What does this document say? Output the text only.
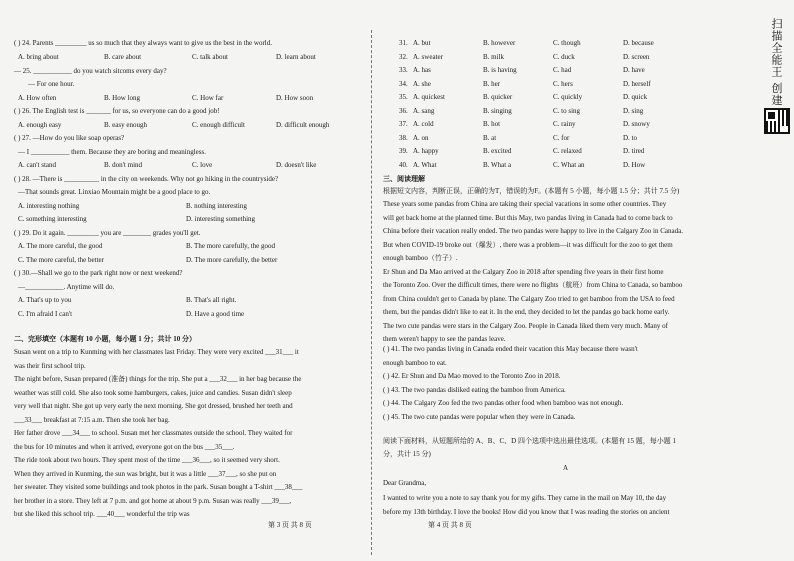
( ) 24. Parents _________ us so much that they always want to give us the best in the world.
A. bring about	B. care about	C. talk about	D. learn about
— 25. ___________ do you watch sitcoms every day?
— For one hour.
A. How often	B. How long	C. How far	D. How soon
( ) 26. The English test is _______ for us, so everyone can do a good job!
A. enough easy	B. easy enough	C. enough difficult	D. difficult enough
( ) 27. —How do you like soap operas?
— I ___________ them. Because they are boring and meaningless.
A. can't stand	B. don't mind	C. love	D. doesn't like
( ) 28. —There is __________ in the city on weekends. Why not go hiking in the countryside?
—That sounds great. Linxiao Mountain might be a good place to go.
A. interesting nothing	B. nothing interesting
C. something interesting	D. interesting something
( ) 29. Do it again. _________ you are ________ grades you'll get.
A. The more careful, the good	B. The more carefully, the good
C. The more careful, the better	D. The more carefully, the better
( ) 30.—Shall we go to the park right now or next weekend?
—___________. Anytime will do.
A. That's up to you	B. That's all right.
C. I'm afraid I can't	D. Have a good time
二、完形填空（本题有 10 小题，每小题 1 分；共计 10 分）
Susan went on a trip to Kunming with her classmates last Friday. They were very excited ___31___ it
was their first school trip.
The night before, Susan prepared (准备) things for the trip. She put a ___32___ in her bag because the
weather was still cold. She also took some hamburgers, cakes, juice and candies. Susan didn't sleep
very well that night. She got up very early the next morning. She got dressed, brushed her teeth and
___33___ breakfast at 7:15 a.m. Then she took her bag.
Her father drove ___34___ to school. Susan met her classmates outside the school. They waited for
the bus for 10 minutes and when it arrived, everyone got on the bus ___35___.
The ride took about two hours. They spent most of the time ___36___, so it seemed very short.
When they arrived in Kunming, the sun was bright, but it was a little ___37___, so she put on
her sweater. They visited some buildings and took photos in the park. Susan bought a T-shirt ___38___
her brother in a store. They left at 7 p.m. and got home at about 9 p.m. Susan was really ___39___,
but she liked this school trip. ___40___ wonderful the trip was
第 3 页 共 8 页
31. A. but	B. however	C. though	D. because
32. A. sweater	B. milk	C. duck	D. screen
33. A. has	B. is having	C. had	D. have
34. A. she	B. her	C. hers	D. herself
35. A. quickest	B. quicker	C. quickly	D. quick
36. A. sang	B. singing	C. to sing	D. sing
37. A. cold	B. hot	C. rainy	D. snowy
38. A. on	B. at	C. for	D. to
39. A. happy	B. excited	C. relaxed	D. tired
40. A. What	B. What a	C. What an	D. How
三、阅读理解
根据短文内容，判断正误，正确的为T，错误的为F。(本题有 5 小题，每小题 1.5 分；共计 7.5 分)
These years some pandas from China are taking their special vacations in some other countries. They
will get back home at the planned time. But this May, two pandas living in Canada had to come back to
China before their vacation really ended. The two pandas were happy to live in the Calgary Zoo in Canada.
But when COVID-19 broke out（爆发）, there was a problem—it was difficult for the zoo to get them
enough bamboo（竹子）.
Er Shun and Da Mao arrived at the Calgary Zoo in 2018 after spending five years in their first home
the Toronto Zoo. Over the difficult times, there were no flights（航班）from China to Canada, so bamboo
from China couldn't get to Canada by plane. The Calgary Zoo tried to get bamboo from the USA to feed
them, but the pandas didn't like to eat it. In the end, they decided to let the pandas go back home early.
The two cute pandas were stars in the Calgary Zoo. People in Canada liked them very much. Many of
them weren't happy to see the pandas leave.
( ) 41. The two pandas living in Canada ended their vacation this May because there wasn't
enough bamboo to eat.
( ) 42. Er Shun and Da Mao moved to the Toronto Zoo in 2018.
( ) 43. The two pandas disliked eating the bamboo from America.
( ) 44. The Calgary Zoo fed the two pandas other food when bamboo was not enough.
( ) 45. The two cute pandas were popular when they were in Canada.
阅读下面材料，从短题所给的 A、B、C、D 四个选项中选出最佳选项。(本题有 15 题，每小题 1
分，共计 15 分)
A
Dear Grandma,
I wanted to write you a note to say thank you for my gifts. They came in the mail on May 10, the day
before my 13th birthday. I love the books! How did you know that I was reading the stories on ancient
第 4 页 共 8 页
扫描全能王 创建
